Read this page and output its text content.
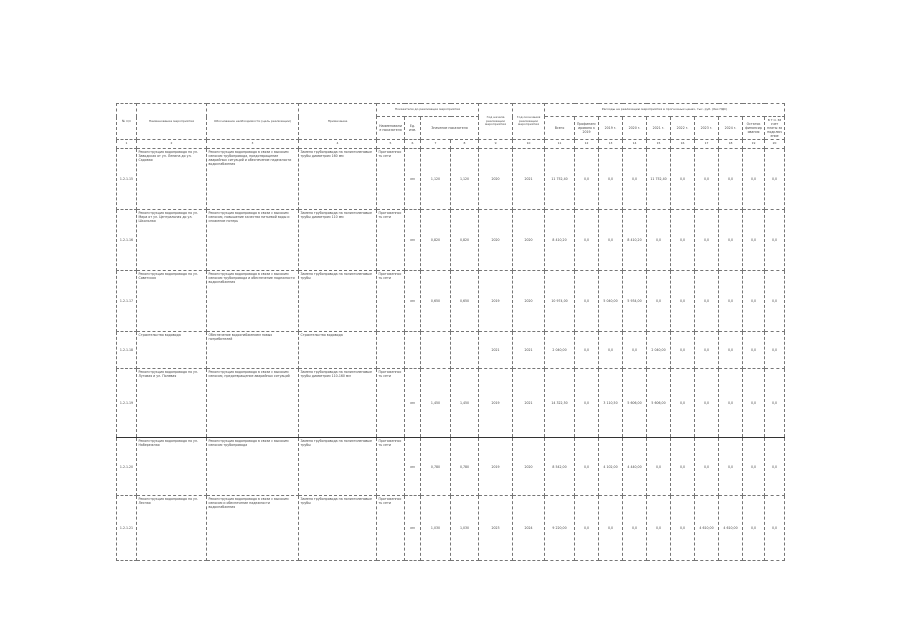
№ п/п	Наименование мероприятия	Обоснование необходимости (цель реализации)	Примечание	Показатели до реализации мероприятия				Год начала реализации мероприятия	Год окончания реализации мероприятия	Расходы на реализацию мероприятия в прогнозных ценах, тыс. руб. (без НДС)									
				Наименование показателя	Ед. изм.	Значение показателя				Всего	Профинансировано к 2019	2019 г.	2020 г.	2021 г.	2022 г.	2023 г.	2024 г.	Остаток финансирования	в т.ч. за счет платы за подключение
1	2	3	4	5	6	7	8	9	10	11	12	13	14	15	16	17	18	19	20
1.2.1.15	Реконструкция водопровода по ул. Заводская от ул. Ленина до ул. Садовая	Реконструкция водопровода в связи с высоким износом трубопровода, предотвращение аварийных ситуаций и обеспечение надежности водоснабжения	Замена трубопровода на полиэтиленовые трубы диаметром 160 мм	Протяженность сети	км	1,120	1,120	2020	2021	11 752,40	0,0	0,0	0,0	11 752,40	0,0	0,0	0,0	0,0	0,0
1.2.1.16	Реконструкция водопровода по ул. Мира от ул. Центральная до ул. Школьная	Реконструкция водопровода в связи с высоким износом, повышение качества питьевой воды и снижение потерь	Замена трубопровода на полиэтиленовые трубы диаметром 110 мм	Протяженность сети	км	0,820	0,820	2020	2020	8 410,20	0,0	0,0	8 410,20	0,0	0,0	0,0	0,0	0,0	0,0
1.2.1.17	Реконструкция водопровода по ул. Советская	Реконструкция водопровода в связи с высоким износом трубопровода и обеспечение надежности водоснабжения	Замена трубопровода на полиэтиленовые трубы	Протяженность сети	км	0,650	0,650	2019	2020	10 974,00	0,0	5 040,00	5 934,00	0,0	0,0	0,0	0,0	0,0	0,0
1.2.1.18	Строительство водовода	Обеспечение водоснабжением новых потребителей	Строительство водовода					2021	2021	2 040,00	0,0	0,0	0,0	2 040,00	0,0	0,0	0,0	0,0	0,0
1.2.1.19	Реконструкция водопровода по ул. Луговая и ул. Полевая	Реконструкция водопровода в связи с высоким износом, предотвращение аварийных ситуаций	Замена трубопровода на полиэтиленовые трубы диаметром 110-160 мм	Протяженность сети	км	1,450	1,450	2019	2021	14 322,50	0,0	3 110,50	5 606,00	5 606,00	0,0	0,0	0,0	0,0	0,0
1.2.1.20	Реконструкция водопровода по ул. Набережная	Реконструкция водопровода в связи с высоким износом трубопровода	Замена трубопровода на полиэтиленовые трубы	Протяженность сети	км	0,780	0,780	2019	2020	8 542,00	0,0	4 102,00	4 440,00	0,0	0,0	0,0	0,0	0,0	0,0
1.2.1.21	Реконструкция водопровода по ул. Лесная	Реконструкция водопровода в связи с высоким износом и обеспечение надежности водоснабжения	Замена трубопровода на полиэтиленовые трубы	Протяженность сети	км	1,030	1,030	2023	2024	9 220,00	0,0	0,0	0,0	0,0	0,0	4 610,00	4 610,00	0,0	0,0
